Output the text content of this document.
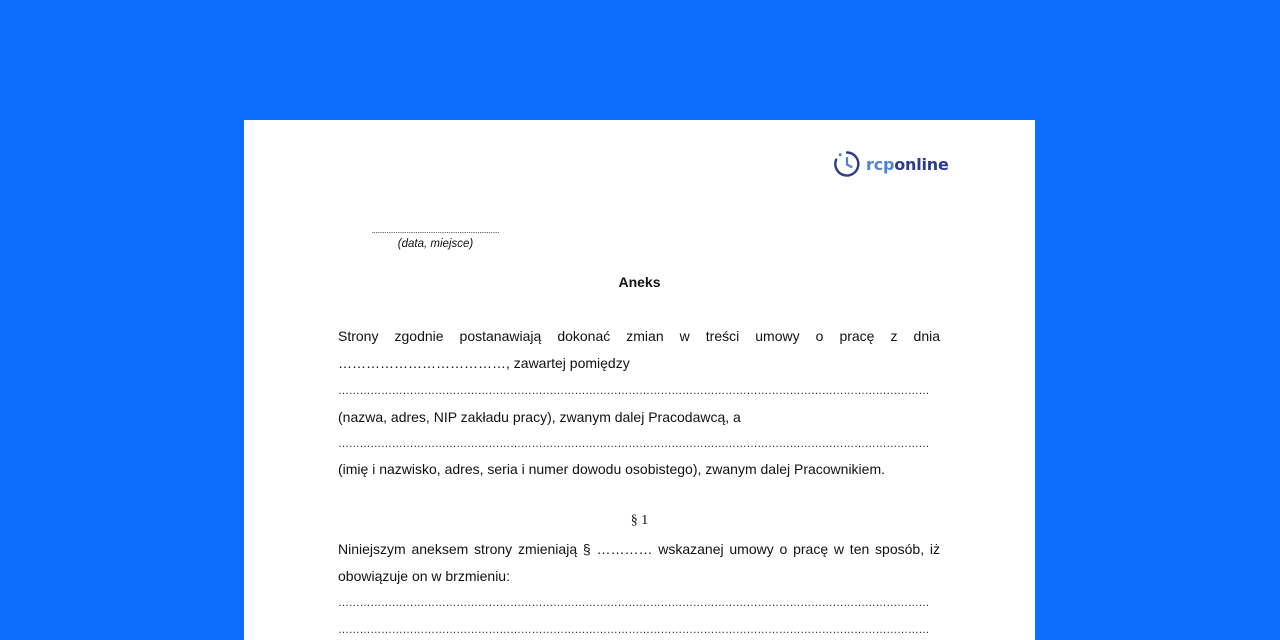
rcponline
......................................................................
(data, miejsce)
Aneks
Strony zgodnie postanawiają dokonać zmian w treści umowy o pracę z dnia
………………………………, zawartej pomiędzy
…………………………………………………………………………………………………………………………………………………
(nazwa, adres, NIP zakładu pracy), zwanym dalej Pracodawcą, a
…………………………………………………………………………………………………………………………………………………
(imię i nazwisko, adres, seria i numer dowodu osobistego), zwanym dalej Pracownikiem.
§ 1
Niniejszym aneksem strony zmieniają § ………… wskazanej umowy o pracę w ten sposób, iż
obowiązuje on w brzmieniu:
…………………………………………………………………………………………………………………………………………………
…………………………………………………………………………………………………………………………………………………
